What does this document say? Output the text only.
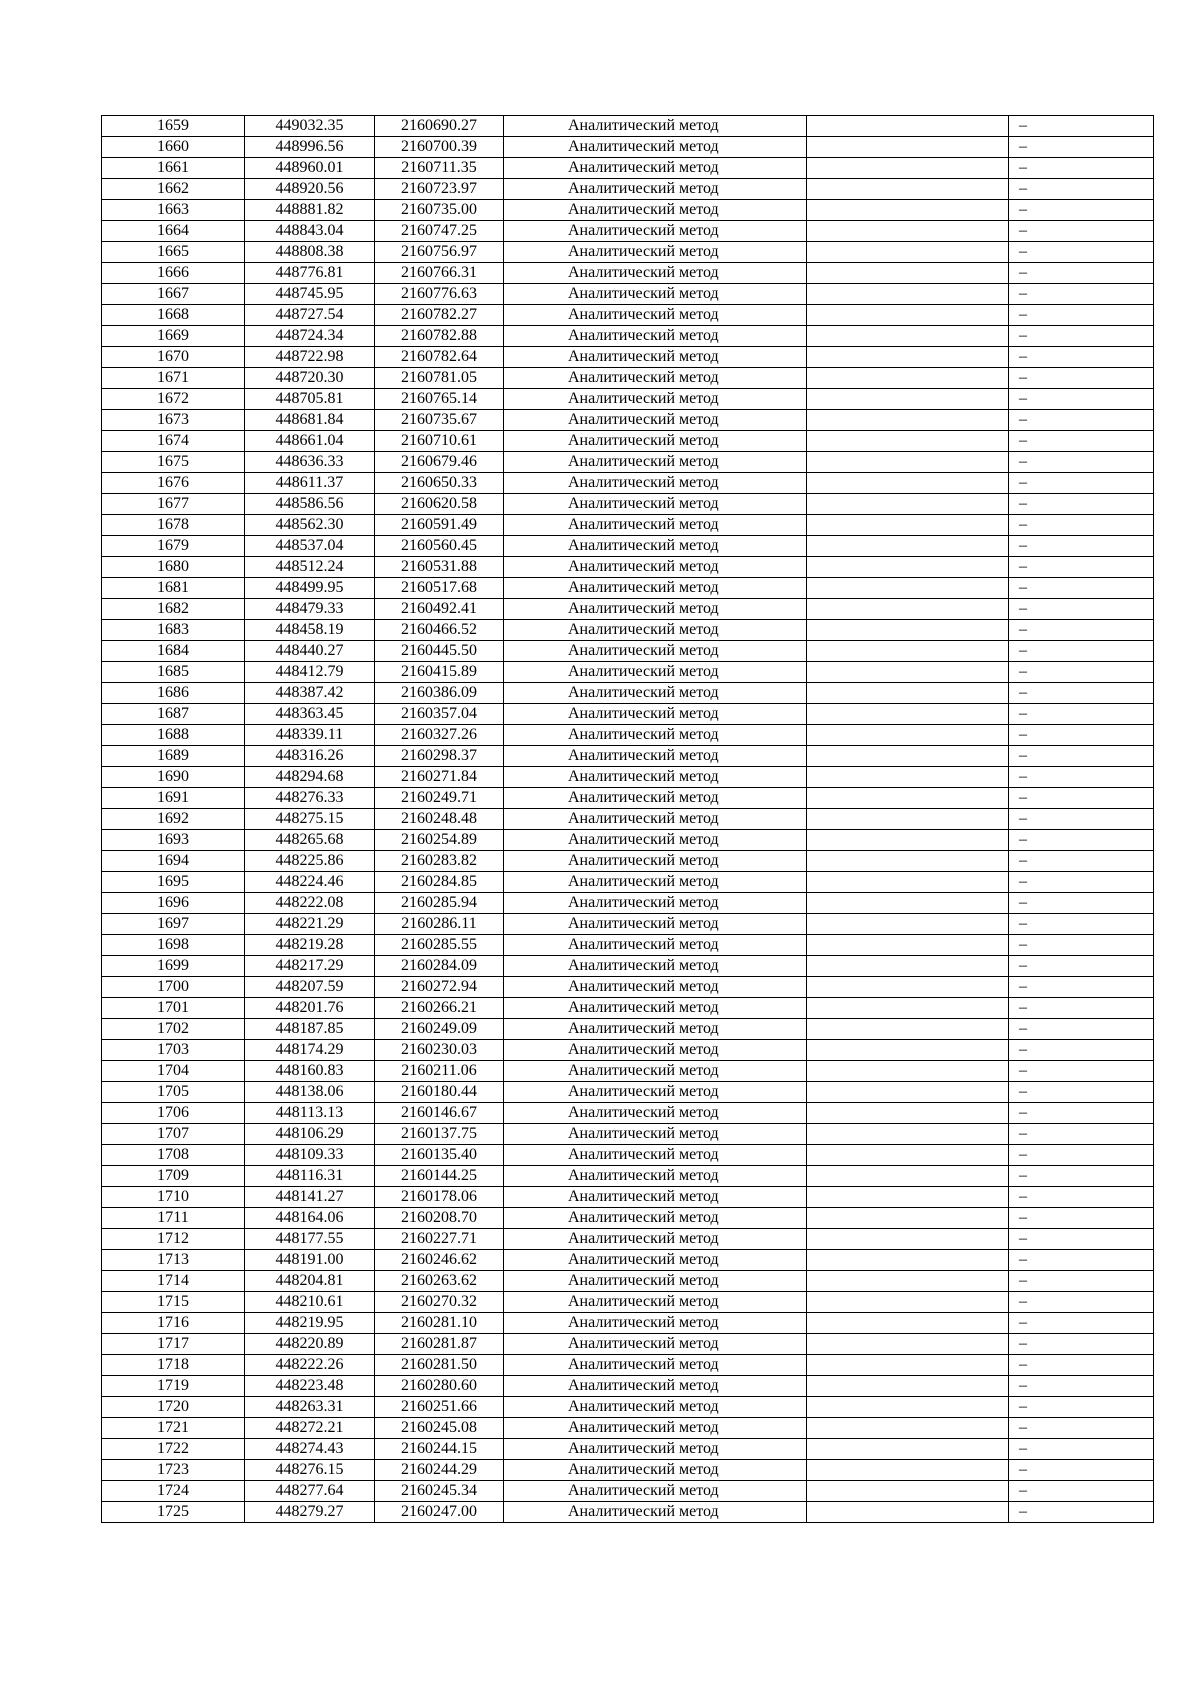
1659	449032.35	2160690.27	Аналитический метод		–
1660	448996.56	2160700.39	Аналитический метод		–
1661	448960.01	2160711.35	Аналитический метод		–
1662	448920.56	2160723.97	Аналитический метод		–
1663	448881.82	2160735.00	Аналитический метод		–
1664	448843.04	2160747.25	Аналитический метод		–
1665	448808.38	2160756.97	Аналитический метод		–
1666	448776.81	2160766.31	Аналитический метод		–
1667	448745.95	2160776.63	Аналитический метод		–
1668	448727.54	2160782.27	Аналитический метод		–
1669	448724.34	2160782.88	Аналитический метод		–
1670	448722.98	2160782.64	Аналитический метод		–
1671	448720.30	2160781.05	Аналитический метод		–
1672	448705.81	2160765.14	Аналитический метод		–
1673	448681.84	2160735.67	Аналитический метод		–
1674	448661.04	2160710.61	Аналитический метод		–
1675	448636.33	2160679.46	Аналитический метод		–
1676	448611.37	2160650.33	Аналитический метод		–
1677	448586.56	2160620.58	Аналитический метод		–
1678	448562.30	2160591.49	Аналитический метод		–
1679	448537.04	2160560.45	Аналитический метод		–
1680	448512.24	2160531.88	Аналитический метод		–
1681	448499.95	2160517.68	Аналитический метод		–
1682	448479.33	2160492.41	Аналитический метод		–
1683	448458.19	2160466.52	Аналитический метод		–
1684	448440.27	2160445.50	Аналитический метод		–
1685	448412.79	2160415.89	Аналитический метод		–
1686	448387.42	2160386.09	Аналитический метод		–
1687	448363.45	2160357.04	Аналитический метод		–
1688	448339.11	2160327.26	Аналитический метод		–
1689	448316.26	2160298.37	Аналитический метод		–
1690	448294.68	2160271.84	Аналитический метод		–
1691	448276.33	2160249.71	Аналитический метод		–
1692	448275.15	2160248.48	Аналитический метод		–
1693	448265.68	2160254.89	Аналитический метод		–
1694	448225.86	2160283.82	Аналитический метод		–
1695	448224.46	2160284.85	Аналитический метод		–
1696	448222.08	2160285.94	Аналитический метод		–
1697	448221.29	2160286.11	Аналитический метод		–
1698	448219.28	2160285.55	Аналитический метод		–
1699	448217.29	2160284.09	Аналитический метод		–
1700	448207.59	2160272.94	Аналитический метод		–
1701	448201.76	2160266.21	Аналитический метод		–
1702	448187.85	2160249.09	Аналитический метод		–
1703	448174.29	2160230.03	Аналитический метод		–
1704	448160.83	2160211.06	Аналитический метод		–
1705	448138.06	2160180.44	Аналитический метод		–
1706	448113.13	2160146.67	Аналитический метод		–
1707	448106.29	2160137.75	Аналитический метод		–
1708	448109.33	2160135.40	Аналитический метод		–
1709	448116.31	2160144.25	Аналитический метод		–
1710	448141.27	2160178.06	Аналитический метод		–
1711	448164.06	2160208.70	Аналитический метод		–
1712	448177.55	2160227.71	Аналитический метод		–
1713	448191.00	2160246.62	Аналитический метод		–
1714	448204.81	2160263.62	Аналитический метод		–
1715	448210.61	2160270.32	Аналитический метод		–
1716	448219.95	2160281.10	Аналитический метод		–
1717	448220.89	2160281.87	Аналитический метод		–
1718	448222.26	2160281.50	Аналитический метод		–
1719	448223.48	2160280.60	Аналитический метод		–
1720	448263.31	2160251.66	Аналитический метод		–
1721	448272.21	2160245.08	Аналитический метод		–
1722	448274.43	2160244.15	Аналитический метод		–
1723	448276.15	2160244.29	Аналитический метод		–
1724	448277.64	2160245.34	Аналитический метод		–
1725	448279.27	2160247.00	Аналитический метод		–
